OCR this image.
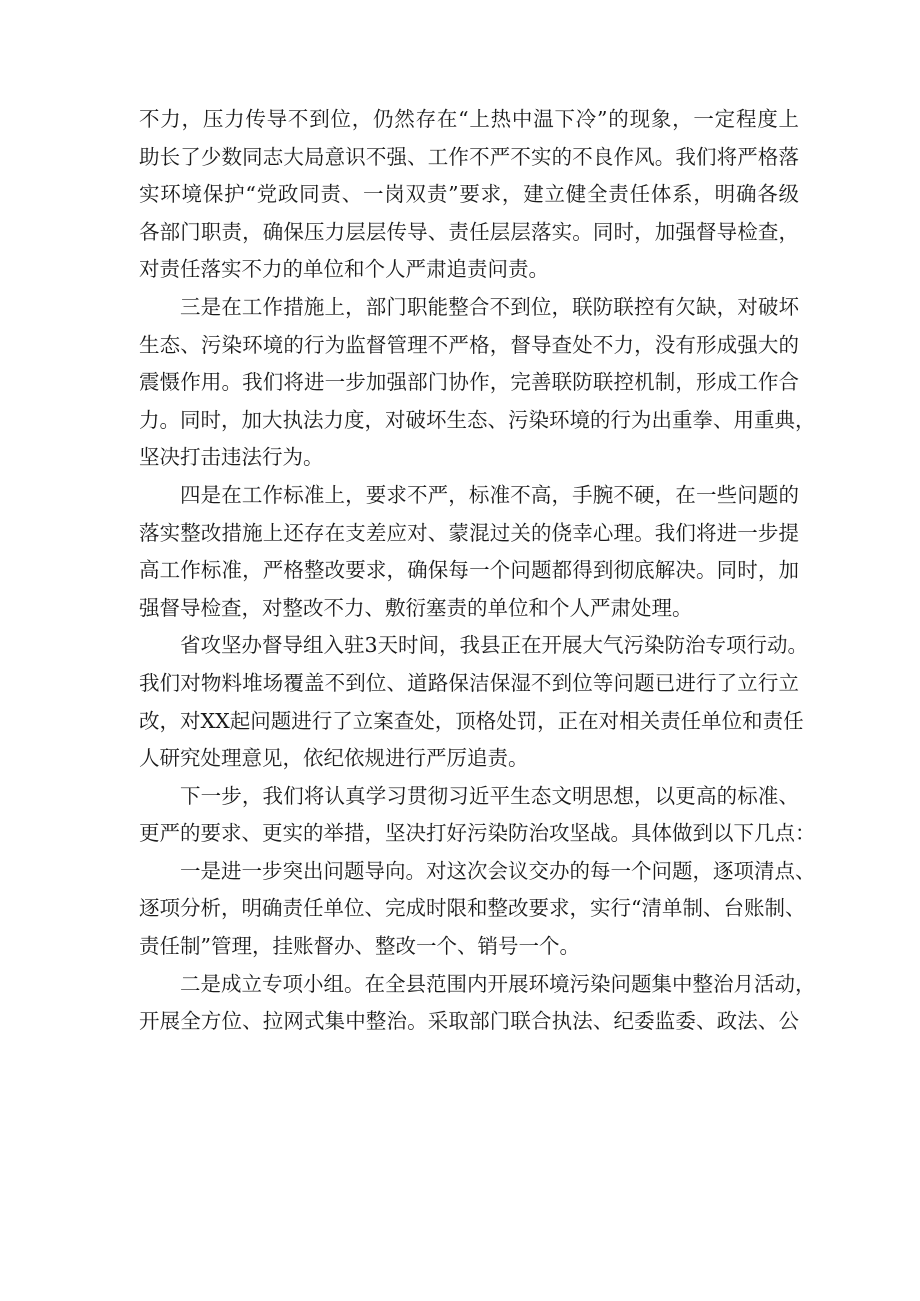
不力，压力传导不到位，仍然存在“上热中温下冷”的现象，一定程度上
助长了少数同志大局意识不强、工作不严不实的不良作风。我们将严格落
实环境保护“党政同责、一岗双责”要求，建立健全责任体系，明确各级
各部门职责，确保压力层层传导、责任层层落实。同时，加强督导检查，
对责任落实不力的单位和个人严肃追责问责。
三是在工作措施上，部门职能整合不到位，联防联控有欠缺，对破坏
生态、污染环境的行为监督管理不严格，督导查处不力，没有形成强大的
震慑作用。我们将进一步加强部门协作，完善联防联控机制，形成工作合
力。同时，加大执法力度，对破坏生态、污染环境的行为出重拳、用重典，
坚决打击违法行为。
四是在工作标准上，要求不严，标准不高，手腕不硬，在一些问题的
落实整改措施上还存在支差应对、蒙混过关的侥幸心理。我们将进一步提
高工作标准，严格整改要求，确保每一个问题都得到彻底解决。同时，加
强督导检查，对整改不力、敷衍塞责的单位和个人严肃处理。
省攻坚办督导组入驻3天时间，我县正在开展大气污染防治专项行动。
我们对物料堆场覆盖不到位、道路保洁保湿不到位等问题已进行了立行立
改，对XX起问题进行了立案查处，顶格处罚，正在对相关责任单位和责任
人研究处理意见，依纪依规进行严厉追责。
下一步，我们将认真学习贯彻习近平生态文明思想，以更高的标准、
更严的要求、更实的举措，坚决打好污染防治攻坚战。具体做到以下几点：
一是进一步突出问题导向。对这次会议交办的每一个问题，逐项清点、
逐项分析，明确责任单位、完成时限和整改要求，实行“清单制、台账制、
责任制”管理，挂账督办、整改一个、销号一个。
二是成立专项小组。在全县范围内开展环境污染问题集中整治月活动，
开展全方位、拉网式集中整治。采取部门联合执法、纪委监委、政法、公
